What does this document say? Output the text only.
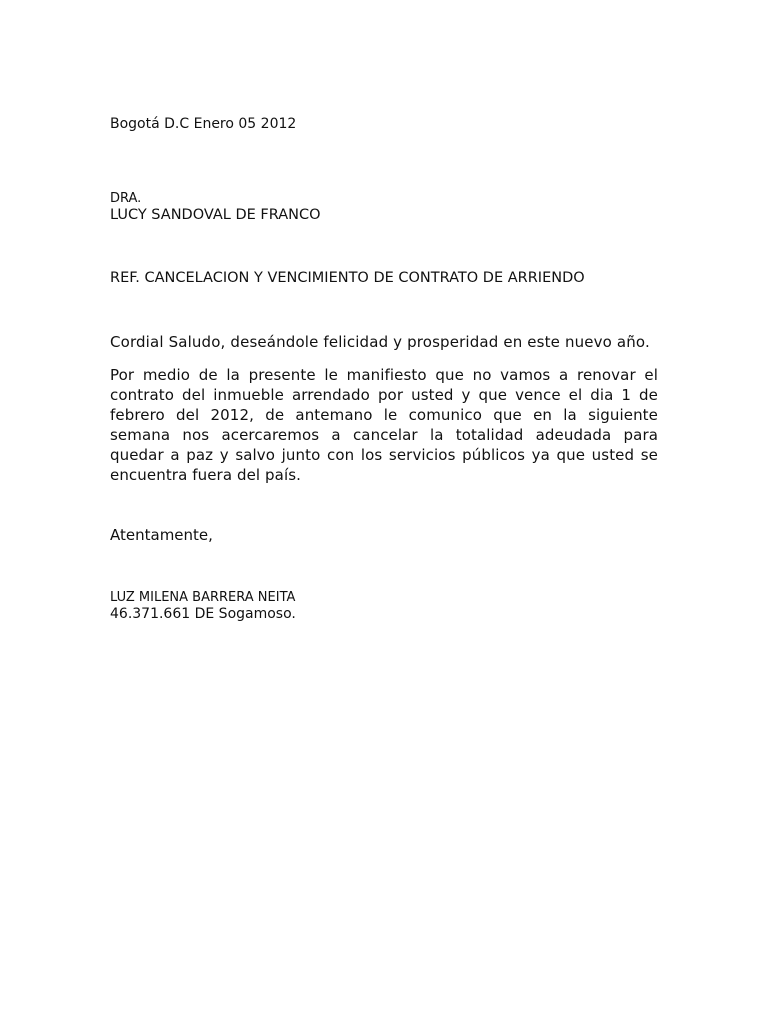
Bogotá D.C Enero 05 2012

DRA.

LUCY SANDOVAL DE FRANCO

REF. CANCELACION Y VENCIMIENTO DE CONTRATO DE ARRIENDO

Cordial Saludo, deseándole felicidad y prosperidad en este nuevo año.

Por medio de la presente le manifiesto que no vamos a renovar el
contrato del inmueble arrendado por usted y que vence el dia 1 de
febrero del 2012, de antemano le comunico que en la siguiente
semana nos acercaremos a cancelar la totalidad adeudada para
quedar a paz y salvo junto con los servicios públicos ya que usted se
encuentra fuera del país.

Atentamente,

LUZ MILENA BARRERA NEITA

46.371.661 DE Sogamoso.
